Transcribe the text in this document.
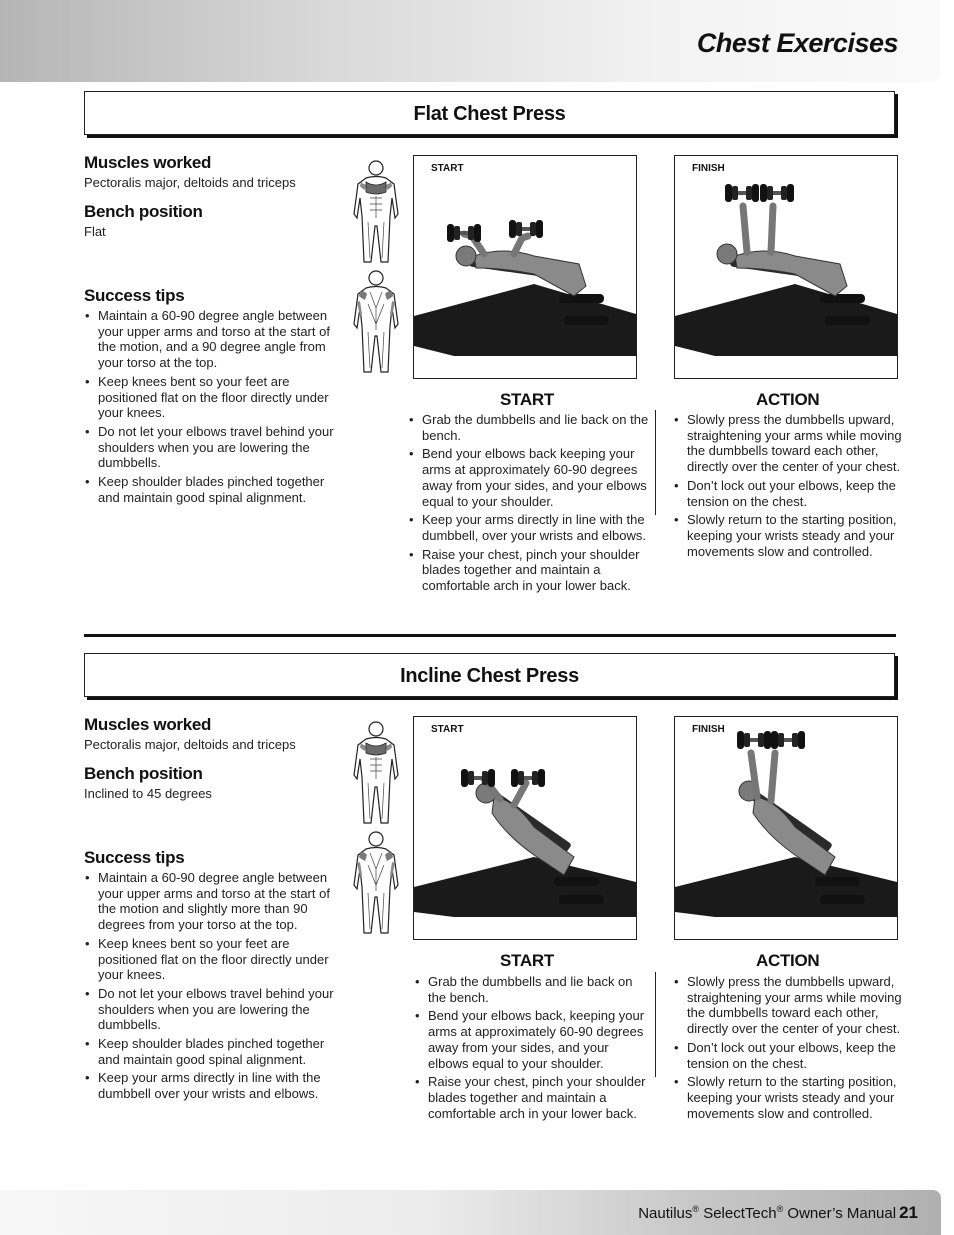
Chest Exercises
Flat Chest Press
Muscles worked
Pectoralis major, deltoids and triceps
Bench position
Flat
Success tips
• Maintain a 60-90 degree angle between your upper arms and torso at the start of the motion, and a 90 degree angle from your torso at the top.
• Keep knees bent so your feet are positioned flat on the floor directly under your knees.
• Do not let your elbows travel behind your shoulders when you are lowering the dumbbells.
• Keep shoulder blades pinched together and maintain good spinal alignment.
START	FINISH
START
• Grab the dumbbells and lie back on the bench.
• Bend your elbows back keeping your arms at approximately 60-90 degrees away from your sides, and your elbows equal to your shoulder.
• Keep your arms directly in line with the dumbbell, over your wrists and elbows.
• Raise your chest, pinch your shoulder blades together and maintain a comfortable arch in your lower back.
ACTION
• Slowly press the dumbbells upward, straightening your arms while moving the dumbbells toward each other, directly over the center of your chest.
• Don’t lock out your elbows, keep the tension on the chest.
• Slowly return to the starting position, keeping your wrists steady and your movements slow and controlled.
Incline Chest Press
Muscles worked
Pectoralis major, deltoids and triceps
Bench position
Inclined to 45 degrees
Success tips
• Maintain a 60-90 degree angle between your upper arms and torso at the start of the motion and slightly more than 90 degrees from your torso at the top.
• Keep knees bent so your feet are positioned flat on the floor directly under your knees.
• Do not let your elbows travel behind your shoulders when you are lowering the dumbbells.
• Keep shoulder blades pinched together and maintain good spinal alignment.
• Keep your arms directly in line with the dumbbell over your wrists and elbows.
START	FINISH
START
• Grab the dumbbells and lie back on the bench.
• Bend your elbows back, keeping your arms at approximately 60-90 degrees away from your sides, and your elbows equal to your shoulder.
• Raise your chest, pinch your shoulder blades together and maintain a comfortable arch in your lower back.
ACTION
• Slowly press the dumbbells upward, straightening your arms while moving the dumbbells toward each other, directly over the center of your chest.
• Don’t lock out your elbows, keep the tension on the chest.
• Slowly return to the starting position, keeping your wrists steady and your movements slow and controlled.
Nautilus® SelectTech® Owner’s Manual 21
